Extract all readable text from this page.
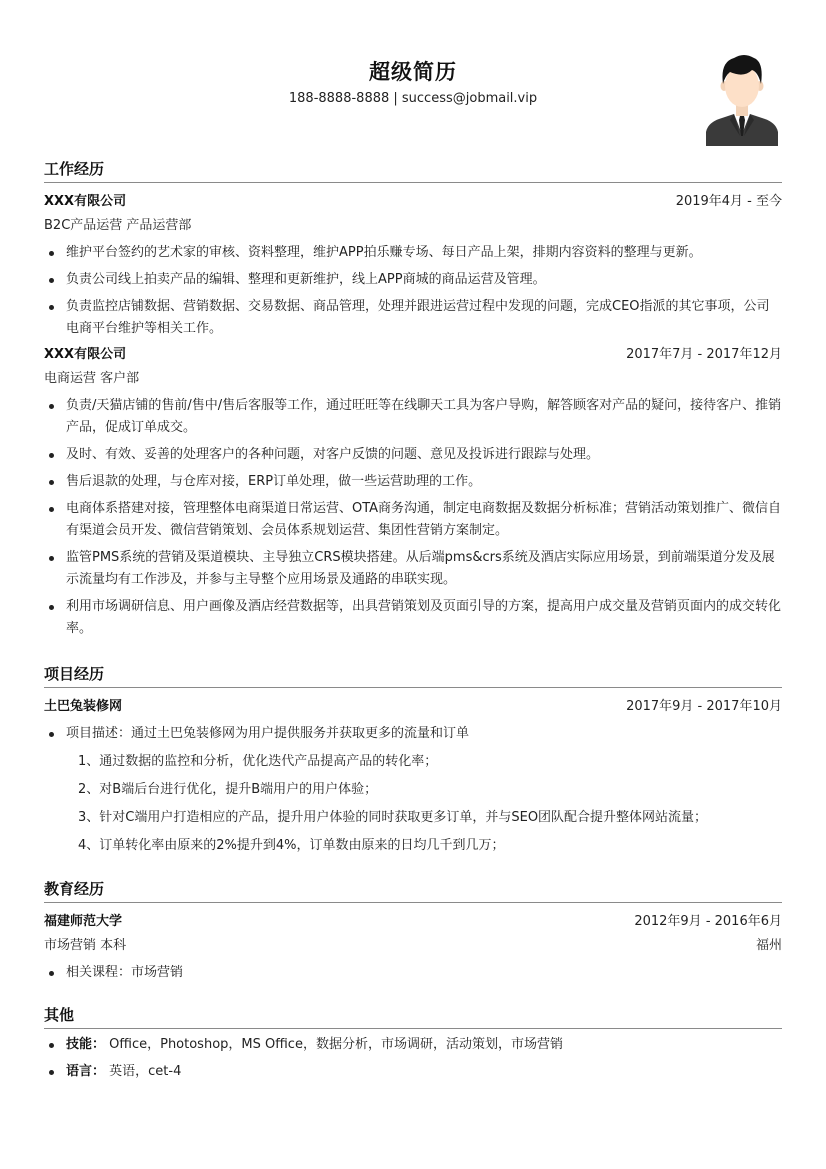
超级简历
188-8888-8888 | success@jobmail.vip
工作经历
XXX有限公司	2019年4月 - 至今
B2C产品运营 产品运营部
维护平台签约的艺术家的审核、资料整理，维护APP拍乐赚专场、每日产品上架，排期内容资料的整理与更新。
负责公司线上拍卖产品的编辑、整理和更新维护，线上APP商城的商品运营及管理。
负责监控店铺数据、营销数据、交易数据、商品管理，处理并跟进运营过程中发现的问题，完成CEO指派的其它事项，公司电商平台维护等相关工作。
XXX有限公司	2017年7月 - 2017年12月
电商运营 客户部
负责/天猫店铺的售前/售中/售后客服等工作，通过旺旺等在线聊天工具为客户导购，解答顾客对产品的疑问，接待客户、推销产品，促成订单成交。
及时、有效、妥善的处理客户的各种问题，对客户反馈的问题、意见及投诉进行跟踪与处理。
售后退款的处理，与仓库对接，ERP订单处理，做一些运营助理的工作。
电商体系搭建对接，管理整体电商渠道日常运营、OTA商务沟通，制定电商数据及数据分析标准；营销活动策划推广、微信自有渠道会员开发、微信营销策划、会员体系规划运营、集团性营销方案制定。
监管PMS系统的营销及渠道模块、主导独立CRS模块搭建。从后端pms&crs系统及酒店实际应用场景，到前端渠道分发及展示流量均有工作涉及，并参与主导整个应用场景及通路的串联实现。
利用市场调研信息、用户画像及酒店经营数据等，出具营销策划及页面引导的方案，提高用户成交量及营销页面内的成交转化率。
项目经历
土巴兔装修网	2017年9月 - 2017年10月
项目描述：通过土巴兔装修网为用户提供服务并获取更多的流量和订单
1、通过数据的监控和分析，优化迭代产品提高产品的转化率；
2、对B端后台进行优化，提升B端用户的用户体验；
3、针对C端用户打造相应的产品，提升用户体验的同时获取更多订单，并与SEO团队配合提升整体网站流量；
4、订单转化率由原来的2%提升到4%，订单数由原来的日均几千到几万；
教育经历
福建师范大学	2012年9月 - 2016年6月
市场营销 本科	福州
相关课程：市场营销
其他
技能： Office，Photoshop，MS Office，数据分析，市场调研，活动策划，市场营销
语言： 英语，cet-4
